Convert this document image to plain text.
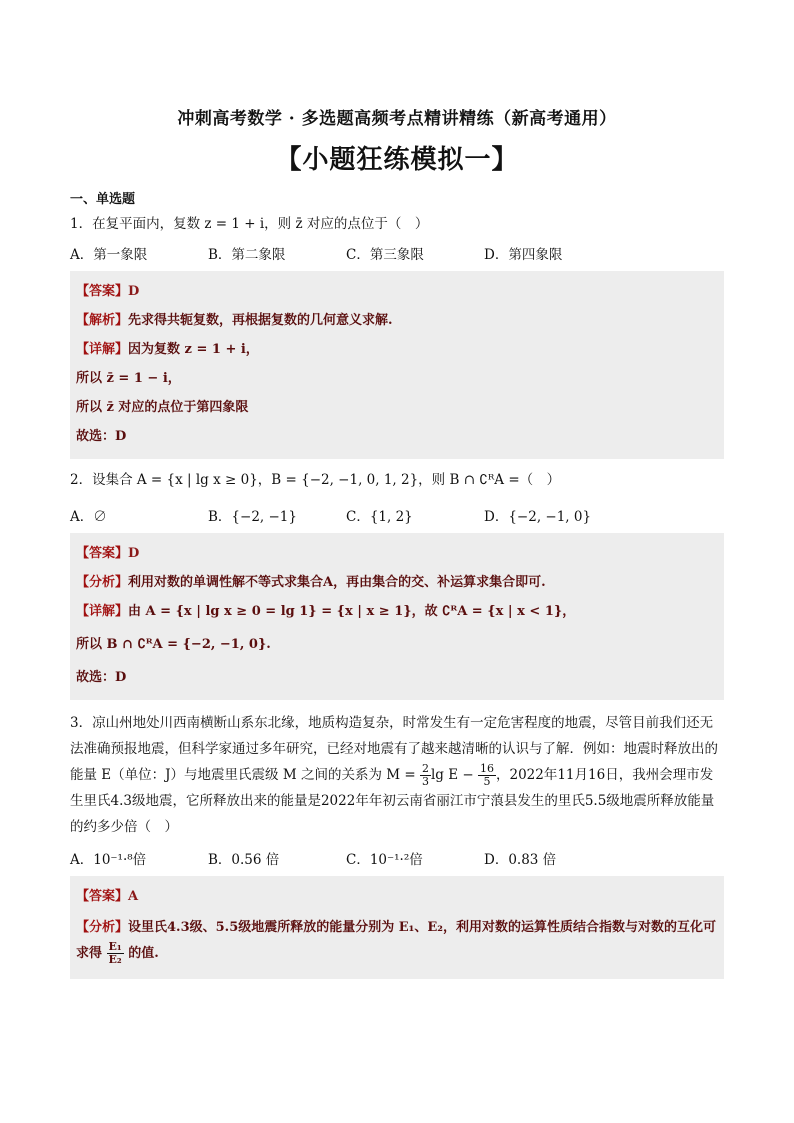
冲刺高考数学 · 多选题高频考点精讲精练（新高考通用）
【小题狂练模拟一】
一、单选题
1．在复平面内，复数 z = 1 + i，则 z̄ 对应的点位于（　）
A．第一象限	B．第二象限	C．第三象限	D．第四象限
【答案】D
【解析】先求得共轭复数，再根据复数的几何意义求解.
【详解】因为复数 z = 1 + i，
所以 z̄ = 1 − i，
所以 z̄ 对应的点位于第四象限
故选：D
2．设集合 A = {x | lg x ≥ 0}，B = {−2, −1, 0, 1, 2}，则 B ∩ ∁ᴿA =（　）
A．∅	B．{−2, −1}	C．{1, 2}	D．{−2, −1, 0}
【答案】D
【分析】利用对数的单调性解不等式求集合A，再由集合的交、补运算求集合即可.
【详解】由 A = {x | lg x ≥ 0 = lg 1} = {x | x ≥ 1}，故 ∁ᴿA = {x | x < 1}，
所以 B ∩ ∁ᴿA = {−2, −1, 0}.
故选：D
3．凉山州地处川西南横断山系东北缘，地质构造复杂，时常发生有一定危害程度的地震，尽管目前我们还无法准确预报地震，但科学家通过多年研究，已经对地震有了越来越清晰的认识与了解．例如：地震时释放出的能量 E（单位：J）与地震里氏震级 M 之间的关系为 $M = \frac{2}{3}$ $\lg E - \frac{16}{5}$ ，2022年11月16日，我州会理市发生里氏4.3级地震，它所释放出来的能量是2022年年初云南省丽江市宁蒗县发生的里氏5.5级地震所释放能量的约多少倍（　）
A．10⁻¹·⁸倍	B．0.56 倍	C．10⁻¹·²倍	D．0.83 倍
【答案】A
【分析】设里氏4.3级、5.5级地震所释放的能量分别为 E₁、E₂，利用对数的运算性质结合指数与对数的互化可求得 $\frac{\text{E₁}}{\text{E₂}}$ 的值.
